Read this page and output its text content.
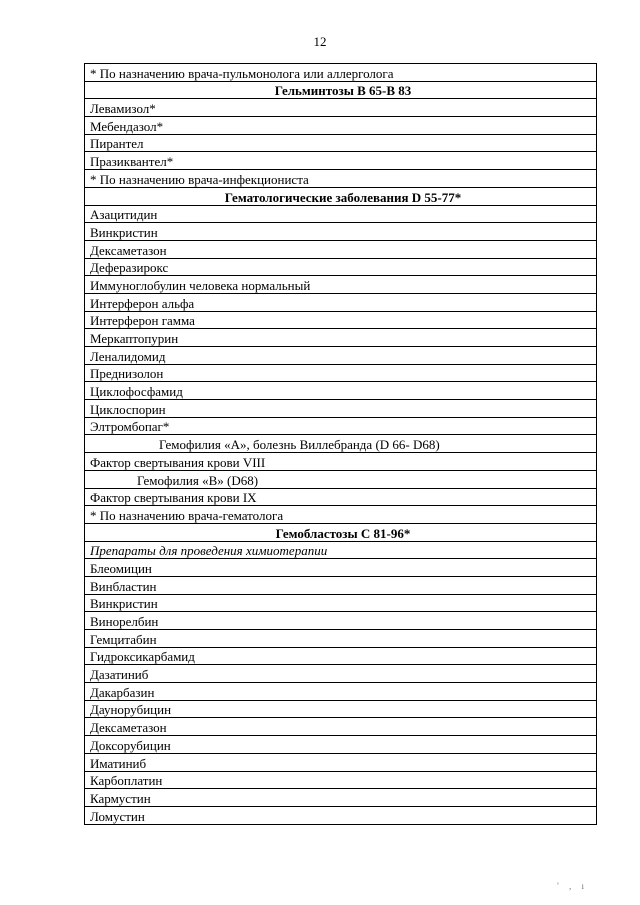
12
* По назначению врача-пульмонолога или аллерголога
Гельминтозы В 65-В 83
Левамизол*
Мебендазол*
Пирантел
Празиквантел*
* По назначению врача-инфекциониста
Гематологические заболевания D 55-77*
Азацитидин
Винкристин
Дексаметазон
Деферазирокс
Иммуноглобулин человека нормальный
Интерферон альфа
Интерферон гамма
Меркаптопурин
Леналидомид
Преднизолон
Циклофосфамид
Циклоспорин
Элтромбопаг*
Гемофилия «А», болезнь Виллебранда (D 66- D68)
Фактор свертывания крови VIII
Гемофилия «В» (D68)
Фактор свертывания крови IX
* По назначению врача-гематолога
Гемобластозы С 81-96*
Препараты для проведения химиотерапии
Блеомицин
Винбластин
Винкристин
Винорелбин
Гемцитабин
Гидроксикарбамид
Дазатиниб
Дакарбазин
Даунорубицин
Дексаметазон
Доксорубицин
Иматиниб
Карбоплатин
Кармустин
Ломустин
' , ı
